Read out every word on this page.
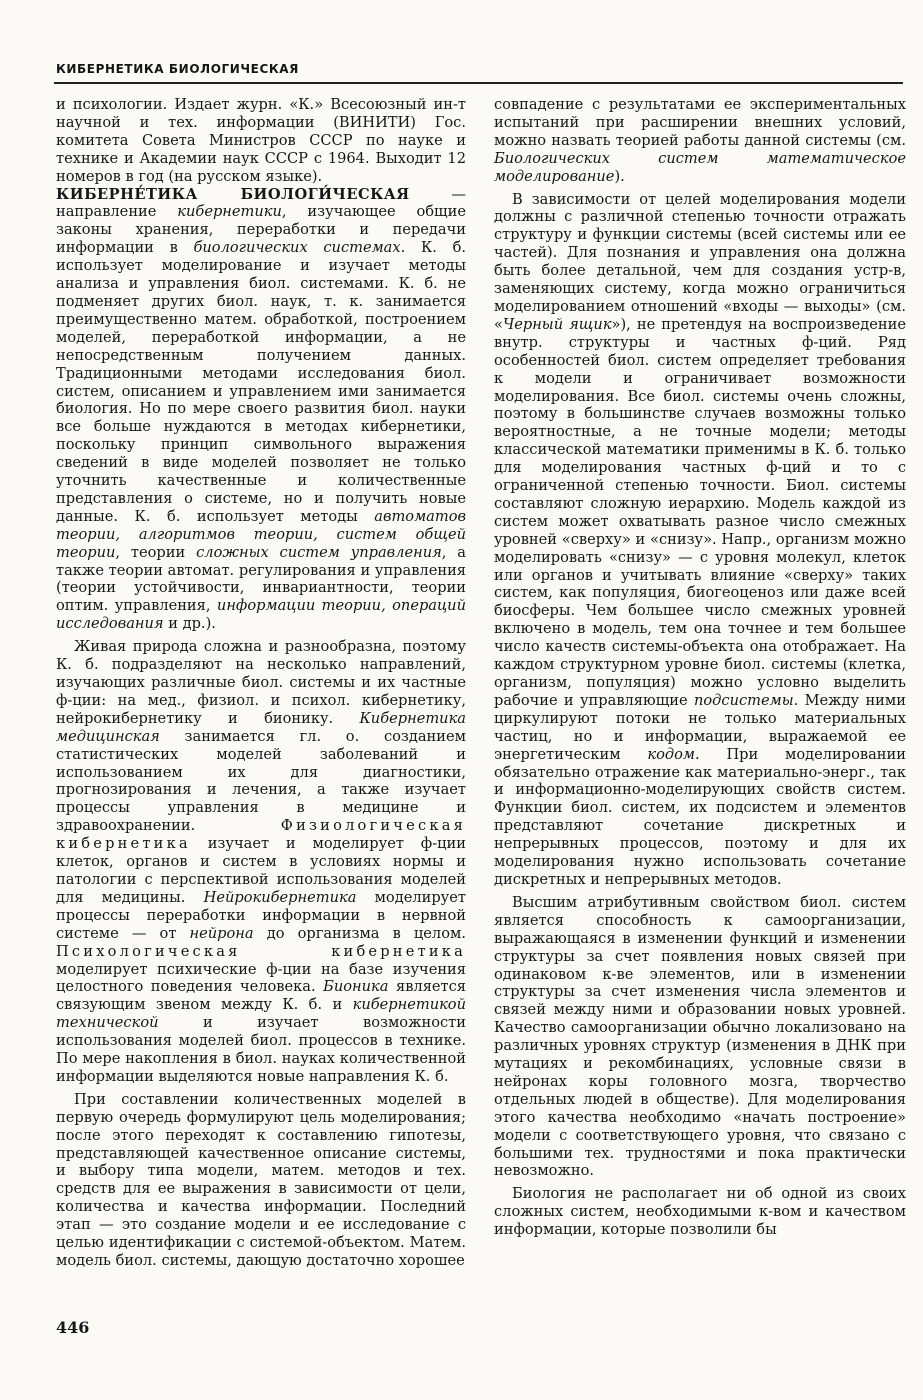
КИБЕРНЕТИКА БИОЛОГИЧЕСКАЯ

и психологии. Издает журн. «К.» Всесоюзный ин-т научной и тех. информации (ВИНИТИ) Гос. комитета Совета Министров СССР по науке и технике и Академии наук СССР с 1964. Выходит 12 номеров в год (на русском языке).

КИБЕРНЕ́ТИКА БИОЛОГИ́ЧЕСКАЯ — направление кибернетики, изучающее общие законы хранения, переработки и передачи информации в биологических системах. К. б. использует моделирование и изучает методы анализа и управления биол. системами. К. б. не подменяет других биол. наук, т. к. занимается преимущественно матем. обработкой, построением моделей, переработкой информации, а не непосредственным получением данных. Традиционными методами исследования биол. систем, описанием и управлением ими занимается биология. Но по мере своего развития биол. науки все больше нуждаются в методах кибернетики, поскольку принцип символьного выражения сведений в виде моделей позволяет не только уточнить качественные и количественные представления о системе, но и получить новые данные. К. б. использует методы автоматов теории, алгоритмов теории, систем общей теории, теории сложных систем управления, а также теории автомат. регулирования и управления (теории устойчивости, инвариантности, теории оптим. управления, информации теории, операций исследования и др.).

Живая природа сложна и разнообразна, поэтому К. б. подразделяют на несколько направлений, изучающих различные биол. системы и их частные ф-ции: на мед., физиол. и психол. кибернетику, нейрокибернетику и бионику. Кибернетика медицинская занимается гл. о. созданием статистических моделей заболеваний и использованием их для диагностики, прогнозирования и лечения, а также изучает процессы управления в медицине и здравоохранении. Физиологическая кибернетика изучает и моделирует ф-ции клеток, органов и систем в условиях нормы и патологии с перспективой использования моделей для медицины. Нейрокибернетика моделирует процессы переработки информации в нервной системе — от нейрона до организма в целом. Психологическая кибернетика моделирует психические ф-ции на базе изучения целостного поведения человека. Бионика является связующим звеном между К. б. и кибернетикой технической и изучает возможности использования моделей биол. процессов в технике. По мере накопления в биол. науках количественной информации выделяются новые направления К. б.

При составлении количественных моделей в первую очередь формулируют цель моделирования; после этого переходят к составлению гипотезы, представляющей качественное описание системы, и выбору типа модели, матем. методов и тех. средств для ее выражения в зависимости от цели, количества и качества информации. Последний этап — это создание модели и ее исследование с целью идентификации с системой-объектом. Матем. модель биол. системы, дающую достаточно хорошее

совпадение с результатами ее экспериментальных испытаний при расширении внешних условий, можно назвать теорией работы данной системы (см. Биологических систем математическое моделирование).

В зависимости от целей моделирования модели должны с различной степенью точности отражать структуру и функции системы (всей системы или ее частей). Для познания и управления она должна быть более детальной, чем для создания устр-в, заменяющих систему, когда можно ограничиться моделированием отношений «входы — выходы» (см. «Черный ящик»), не претендуя на воспроизведение внутр. структуры и частных ф-ций. Ряд особенностей биол. систем определяет требования к модели и ограничивает возможности моделирования. Все биол. системы очень сложны, поэтому в большинстве случаев возможны только вероятностные, а не точные модели; методы классической математики применимы в К. б. только для моделирования частных ф-ций и то с ограниченной степенью точности. Биол. системы составляют сложную иерархию. Модель каждой из систем может охватывать разное число смежных уровней «сверху» и «снизу». Напр., организм можно моделировать «снизу» — с уровня молекул, клеток или органов и учитывать влияние «сверху» таких систем, как популяция, биогеоценоз или даже всей биосферы. Чем большее число смежных уровней включено в модель, тем она точнее и тем большее число качеств системы-объекта она отображает. На каждом структурном уровне биол. системы (клетка, организм, популяция) можно условно выделить рабочие и управляющие подсистемы. Между ними циркулируют потоки не только материальных частиц, но и информации, выражаемой ее энергетическим кодом. При моделировании обязательно отражение как материально-энерг., так и информационно-моделирующих свойств систем. Функции биол. систем, их подсистем и элементов представляют сочетание дискретных и непрерывных процессов, поэтому и для их моделирования нужно использовать сочетание дискретных и непрерывных методов.

Высшим атрибутивным свойством биол. систем является способность к самоорганизации, выражающаяся в изменении функций и изменении структуры за счет появления новых связей при одинаковом к-ве элементов, или в изменении структуры за счет изменения числа элементов и связей между ними и образовании новых уровней. Качество самоорганизации обычно локализовано на различных уровнях структур (изменения в ДНК при мутациях и рекомбинациях, условные связи в нейронах коры головного мозга, творчество отдельных людей в обществе). Для моделирования этого качества необходимо «начать построение» модели с соответствующего уровня, что связано с большими тех. трудностями и пока практически невозможно.

Биология не располагает ни об одной из своих сложных систем, необходимыми к-вом и качеством информации, которые позволили бы

446
